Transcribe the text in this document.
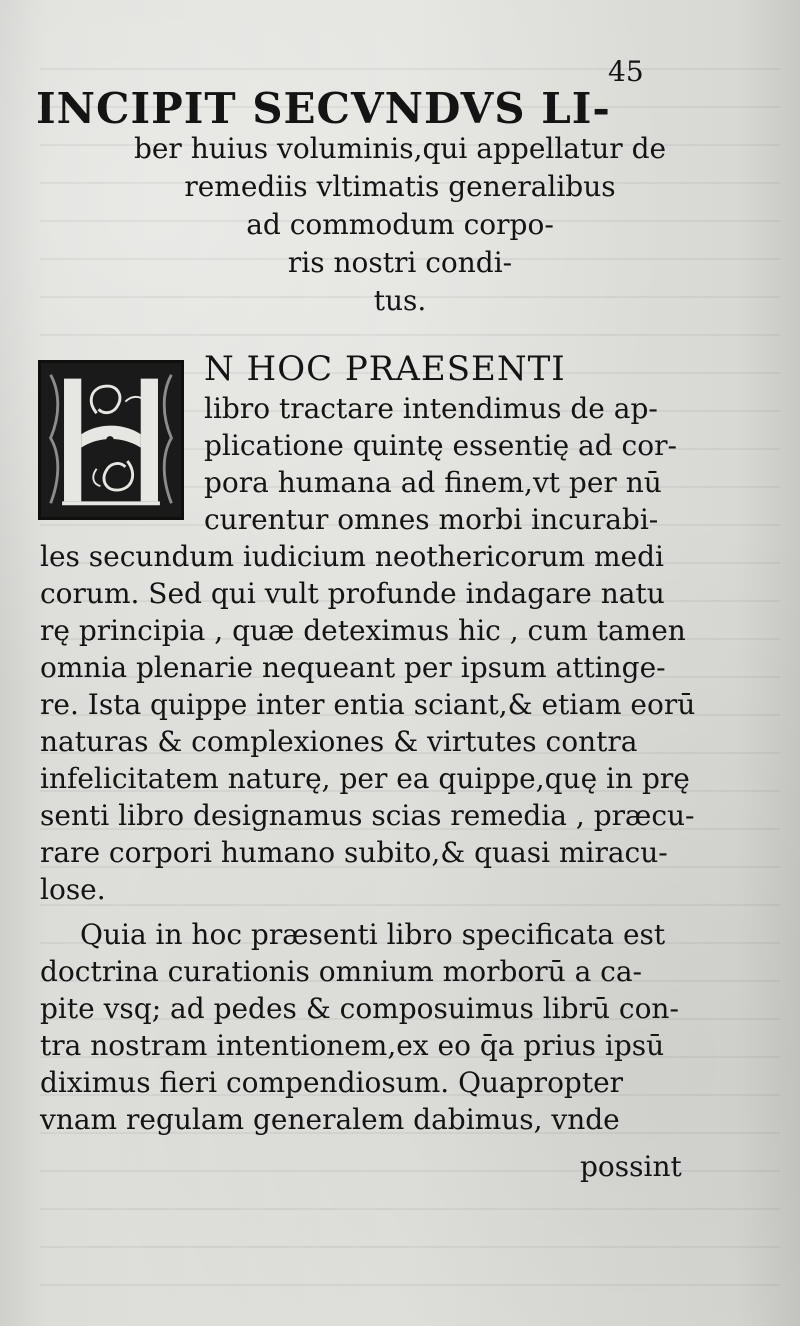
45
INCIPIT SECVNDVS LI-
ber huius voluminis,qui appellatur de
remediis vltimatis generalibus
ad commodum corpo-
ris nostri condi-
tus.
N HOC PRAESENTI
libro tractare intendimus de ap-
plicatione quintę essentię ad cor-
pora humana ad finem,vt per nū
curentur omnes morbi incurabi-
les secundum iudicium neothericorum medi
corum. Sed qui vult profunde indagare natu
rę principia , quæ deteximus hic , cum tamen
omnia plenarie nequeant per ipsum attinge-
re. Ista quippe inter entia sciant,& etiam eorū
naturas & complexiones & virtutes contra
infelicitatem naturę, per ea quippe,quę in prę
senti libro designamus scias remedia , præcu-
rare corpori humano subito,& quasi miracu-
lose.
Quia in hoc præsenti libro specificata est
doctrina curationis omnium morborū a ca-
pite vsq; ad pedes & composuimus librū con-
tra nostram intentionem,ex eo q̄a prius ipsū
diximus fieri compendiosum. Quapropter
vnam regulam generalem dabimus, vnde
possint
